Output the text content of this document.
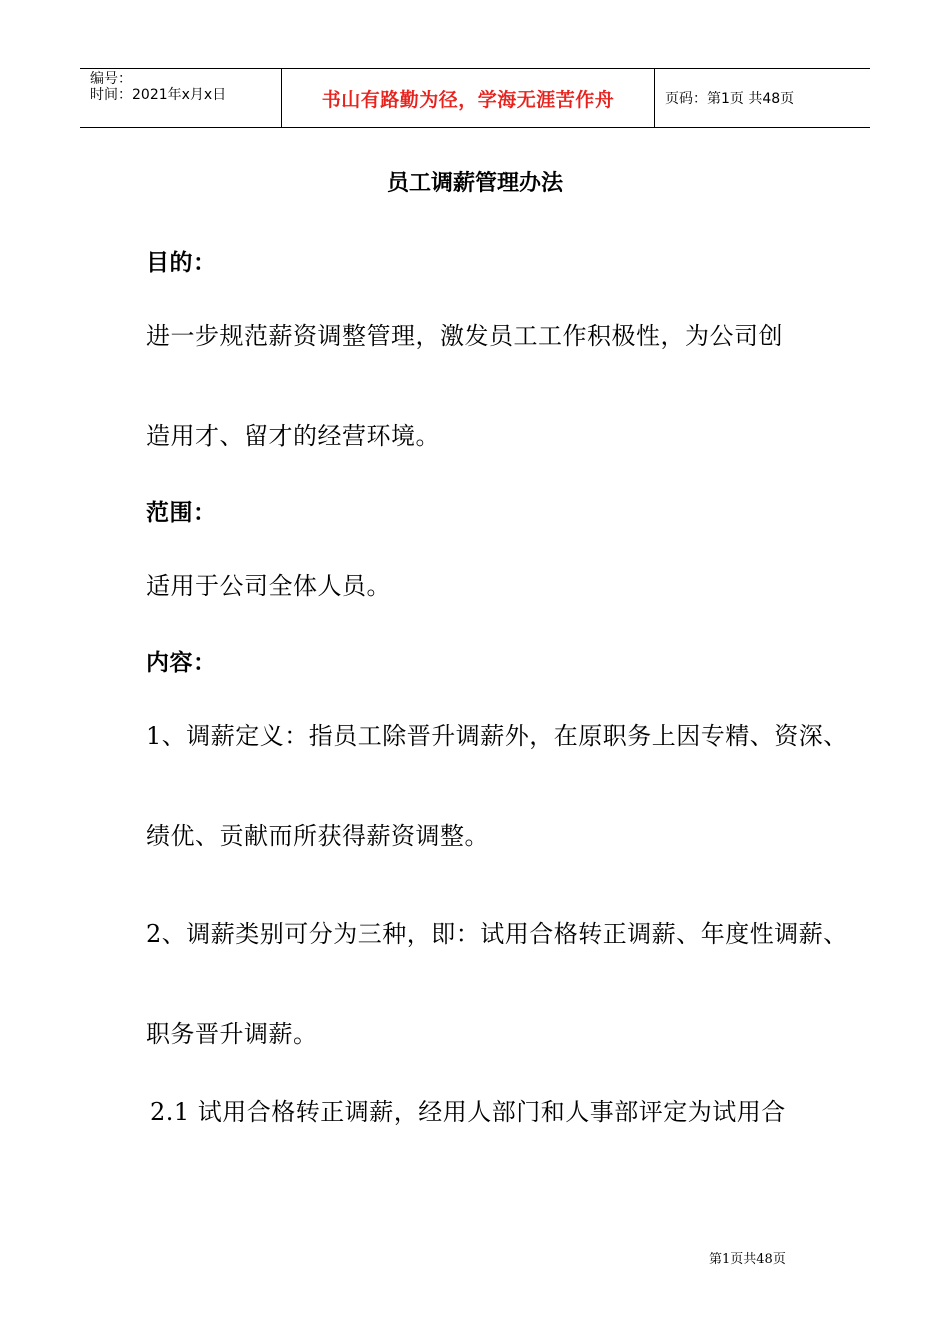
编号：
时间：2021年x月x日	书山有路勤为径，学海无涯苦作舟	页码：第1页 共48页
员工调薪管理办法
目的：
进一步规范薪资调整管理，激发员工工作积极性，为公司创
造用才、留才的经营环境。
范围：
适用于公司全体人员。
内容：
1、调薪定义：指员工除晋升调薪外，在原职务上因专精、资深、
绩优、贡献而所获得薪资调整。
2、调薪类别可分为三种，即：试用合格转正调薪、年度性调薪、
职务晋升调薪。
2.1 试用合格转正调薪，经用人部门和人事部评定为试用合
第1页共48页
